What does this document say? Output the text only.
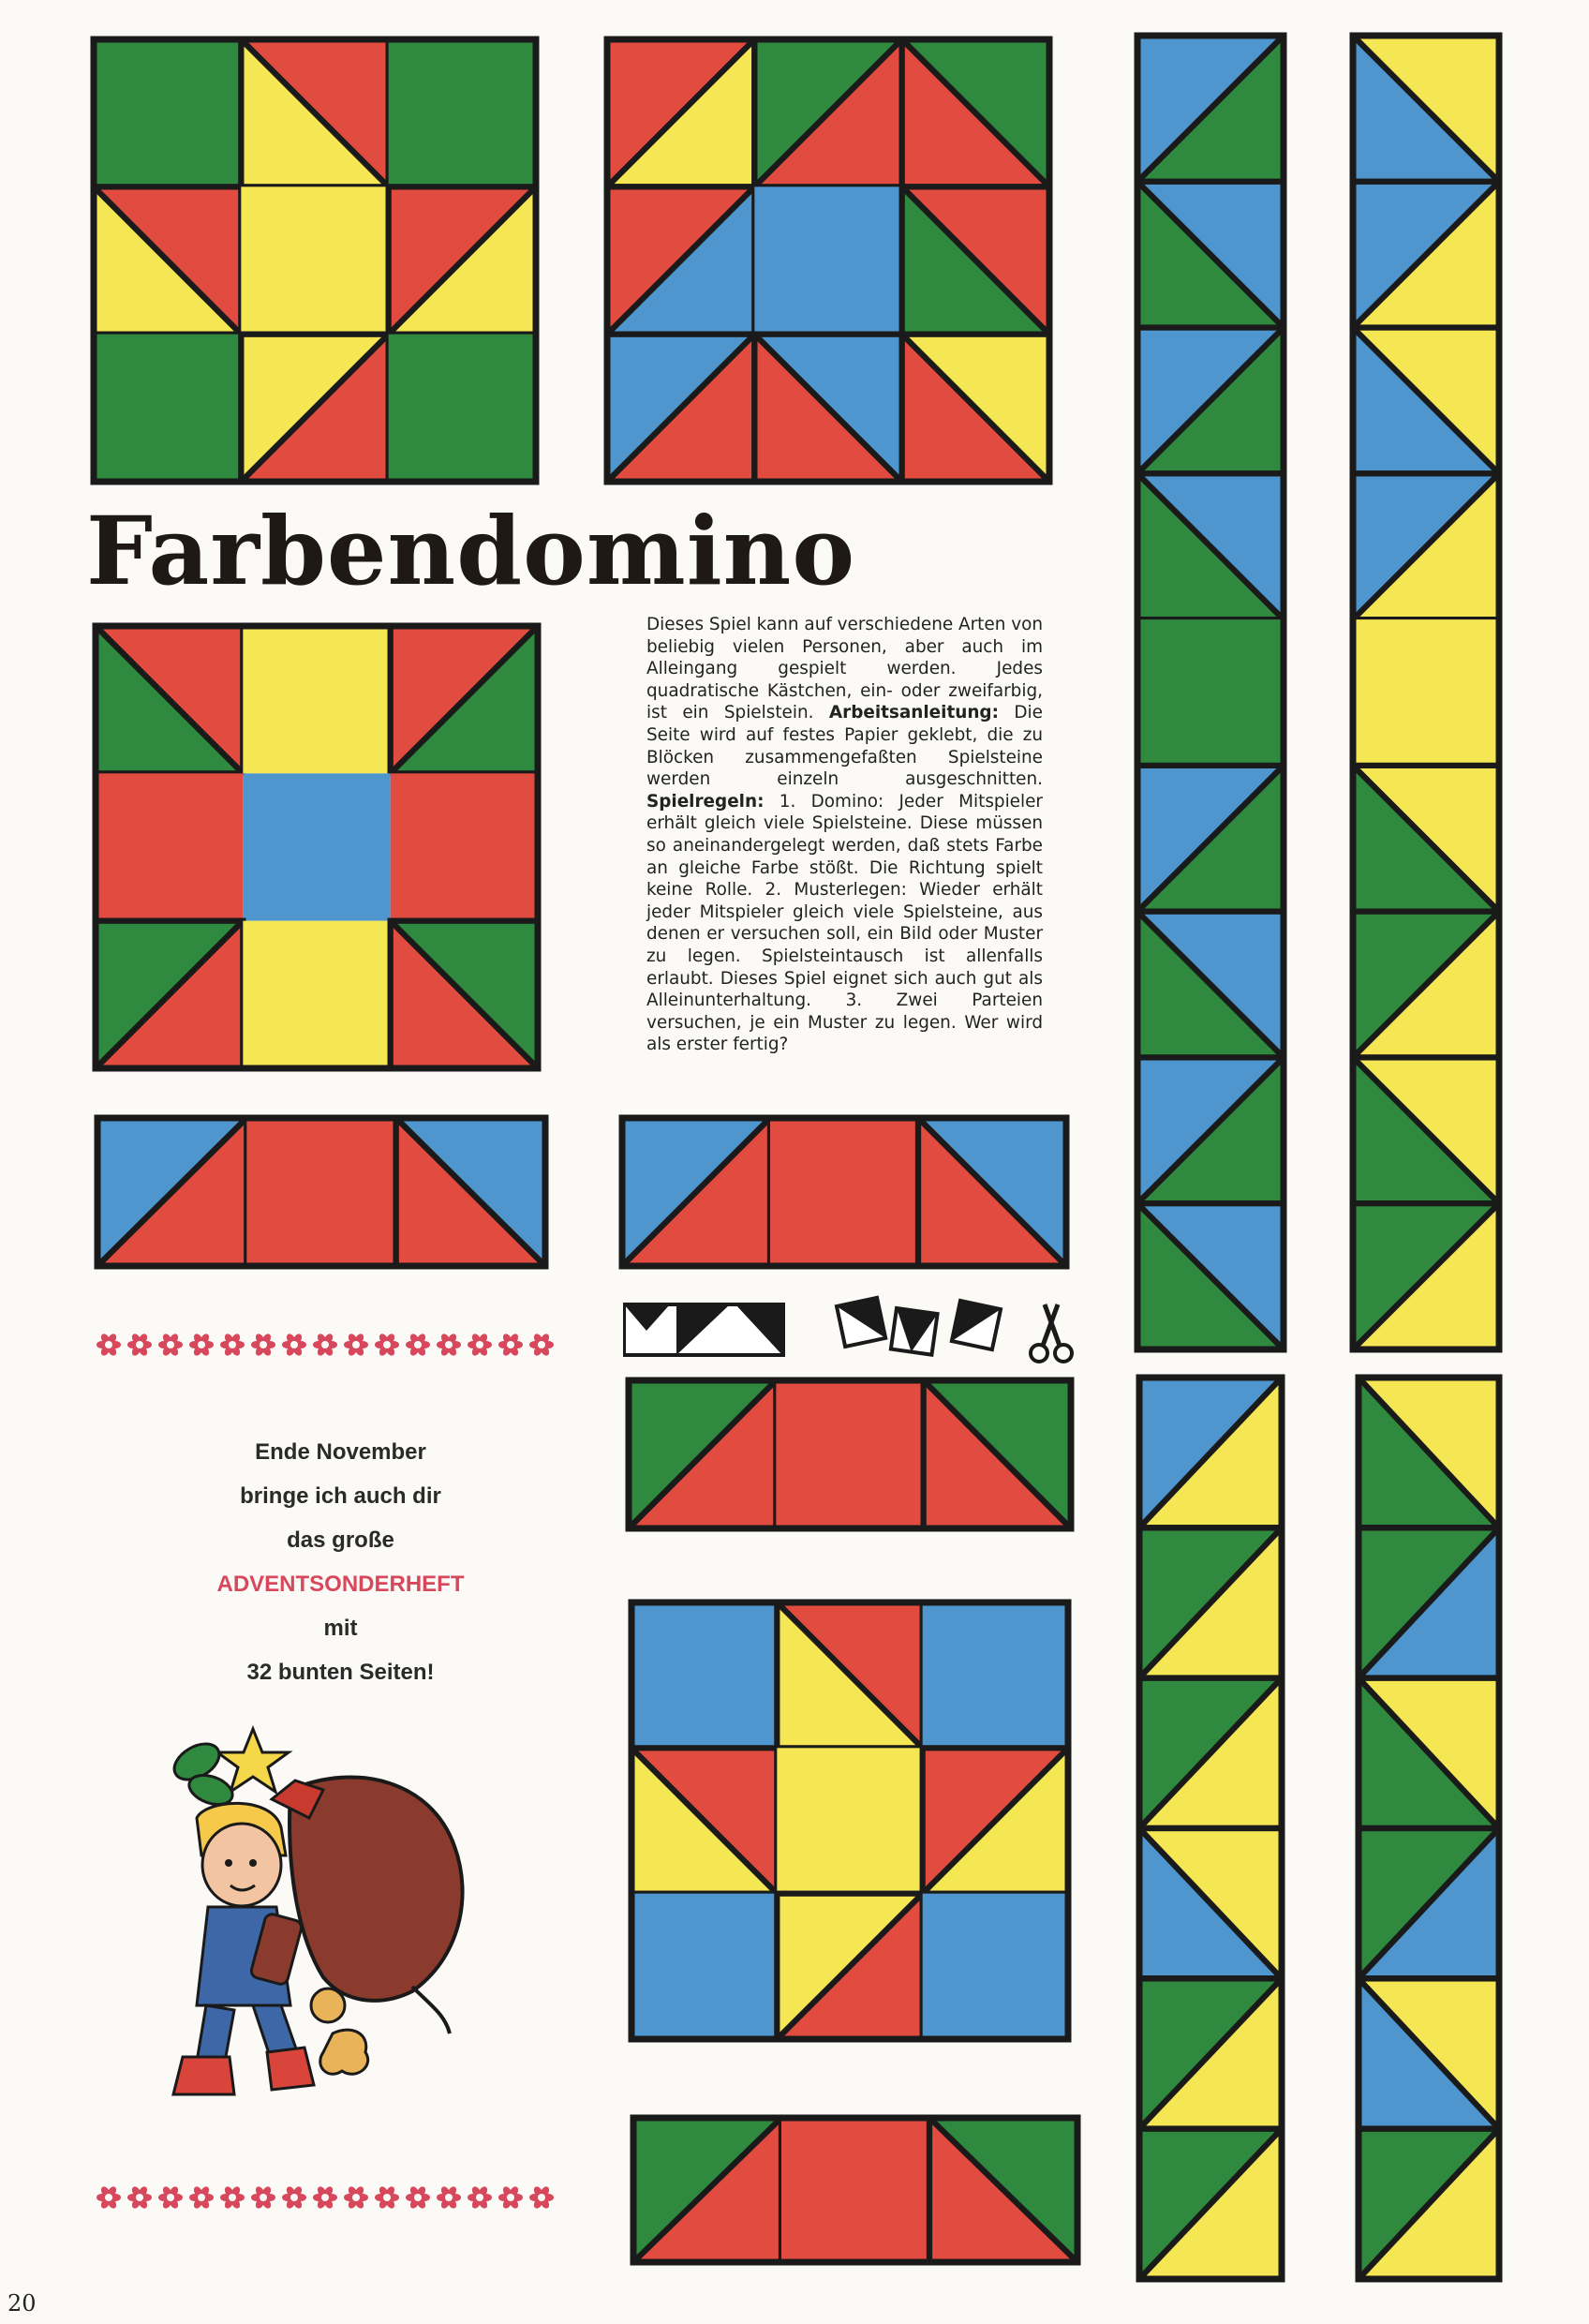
Farbendomino
Dieses Spiel kann auf verschiedene Arten von beliebig vielen Personen, aber auch im Alleingang gespielt werden. Jedes quadratische Kästchen, ein- oder zweifarbig, ist ein Spielstein. Arbeitsanleitung: Die Seite wird auf festes Papier geklebt, die zu Blöcken zusammengefaßten Spielsteine werden einzeln ausgeschnitten. Spielregeln: 1. Domino: Jeder Mitspieler erhält gleich viele Spielsteine. Diese müssen so aneinandergelegt werden, daß stets Farbe an gleiche Farbe stößt. Die Richtung spielt keine Rolle. 2. Musterlegen: Wieder erhält jeder Mitspieler gleich viele Spielsteine, aus denen er versuchen soll, ein Bild oder Muster zu legen. Spielsteintausch ist allenfalls erlaubt. Dieses Spiel eignet sich auch gut als Alleinunterhaltung. 3. Zwei Parteien versuchen, je ein Muster zu legen. Wer wird als erster fertig?
Ende November
bringe ich auch dir
das große
ADVENTSONDERHEFT
mit
32 bunten Seiten!
20
